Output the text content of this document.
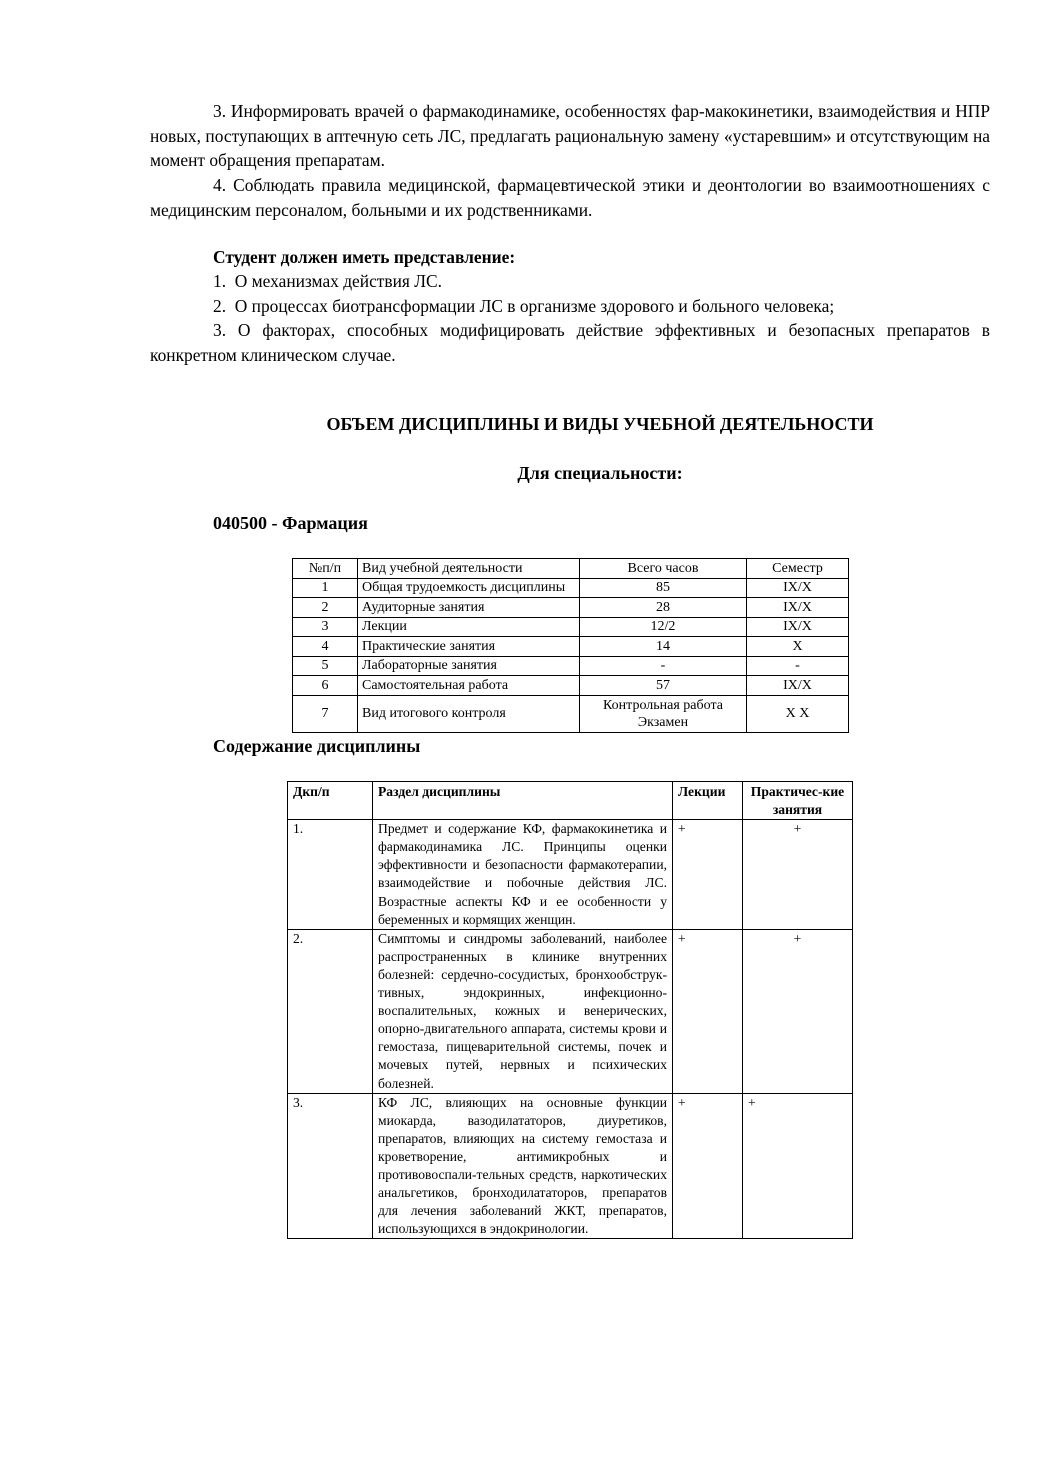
3. Информировать врачей о фармакодинамике, особенностях фар-макокинетики, взаимодействия и НПР новых, поступающих в аптечную сеть ЛС, предлагать рациональную замену «устаревшим» и отсутствующим на момент обращения препаратам.

4. Соблюдать правила медицинской, фармацевтической этики и деонтологии во взаимоотношениях с медицинским персоналом, больными и их родственниками.

Студент должен иметь представление:

1.  О механизмах действия ЛС.

2.  О процессах биотрансформации ЛС в организме здорового и больного человека;

3. О факторах, способных модифицировать действие эффективных и безопасных препаратов в конкретном клиническом случае.

ОБЪЕМ ДИСЦИПЛИНЫ И ВИДЫ УЧЕБНОЙ ДЕЯТЕЛЬНОСТИ

Для специальности:

040500 - Фармация

№п/п	Вид учебной деятельности	Всего часов	Семестр
1	Общая трудоемкость дисциплины	85	IX/X
2	Аудиторные занятия	28	IX/X
3	Лекции	12/2	IX/X
4	Практические занятия	14	X
5	Лабораторные занятия	-	-
6	Самостоятельная работа	57	IX/X
7	Вид итогового контроля	Контрольная работа Экзамен	Х Х

Содержание дисциплины

Дкп/п	Раздел дисциплины	Лекции	Практичес-кие занятия
1.	Предмет и содержание КФ, фармакокинетика и фармакодинамика ЛС. Принципы оценки эффективности и безопасности фармакотерапии, взаимодействие и побочные действия ЛС. Возрастные аспекты КФ и ее особенности у беременных и кормящих женщин.	+	+
2.	Симптомы и синдромы заболеваний, наиболее распространенных в клинике внутренних болезней: сердечно-сосудистых, бронхообструк-тивных, эндокринных, инфекционно-воспалительных, кожных и венерических, опорно-двигательного аппарата, системы крови и гемостаза, пищеварительной системы, почек и мочевых путей, нервных и психических болезней.	+	+
3.	КФ ЛС, влияющих на основные функции миокарда, вазодилататоров, диуретиков, препаратов, влияющих на систему гемостаза и кроветворение, антимикробных и противовоспали-тельных средств, наркотических анальгетиков, бронходилататоров, препаратов для лечения заболеваний ЖКТ, препаратов, использующихся в эндокринологии.	+	+
